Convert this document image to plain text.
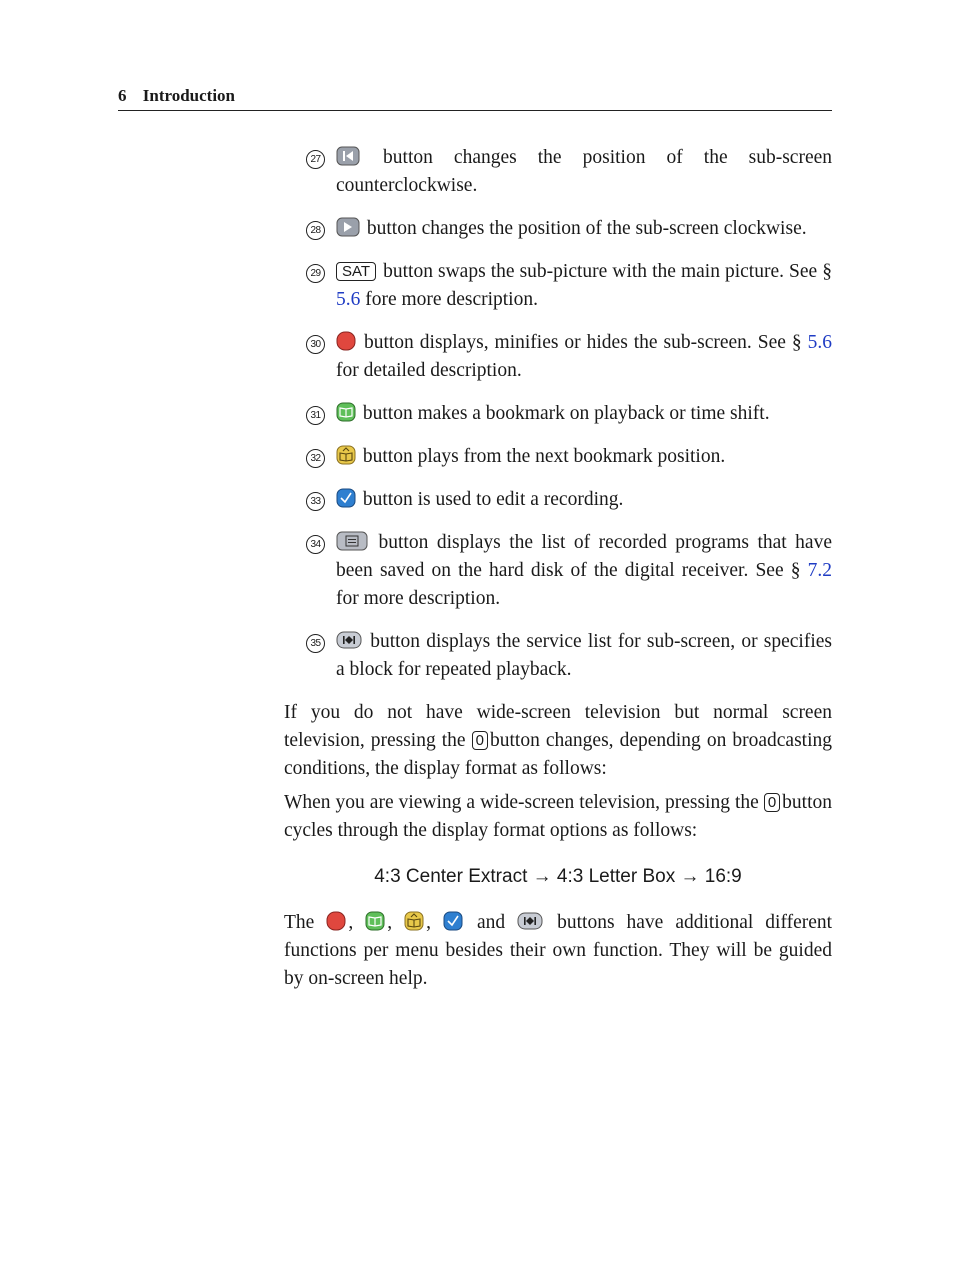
6 Introduction
27	button changes the position of the sub-screen counterclockwise.
28 button changes the position of the sub-screen clockwise.
29 SAT button swaps the sub-picture with the main picture. See § 5.6 fore more description.
30 button displays, minifies or hides the sub-screen. See § 5.6 for detailed description.
31 button makes a bookmark on playback or time shift.
32 button plays from the next bookmark position.
33 button is used to edit a recording.
34	button displays the list of recorded programs that have been saved on the hard disk of the digital receiver. See § 7.2 for more description.
35	button displays the service list for sub-screen, or specifies a block for repeated playback.

If you do not have wide-screen television but normal screen television, pressing the 0 button changes, depending on broadcasting conditions, the display format as follows:

When you are viewing a wide-screen television, pressing the 0 button cycles through the display format options as follows:

4:3 Center Extract → 4:3 Letter Box → 16:9

The , , , and	buttons have additional different functions per menu besides their own function. They will be guided by on-screen help.
